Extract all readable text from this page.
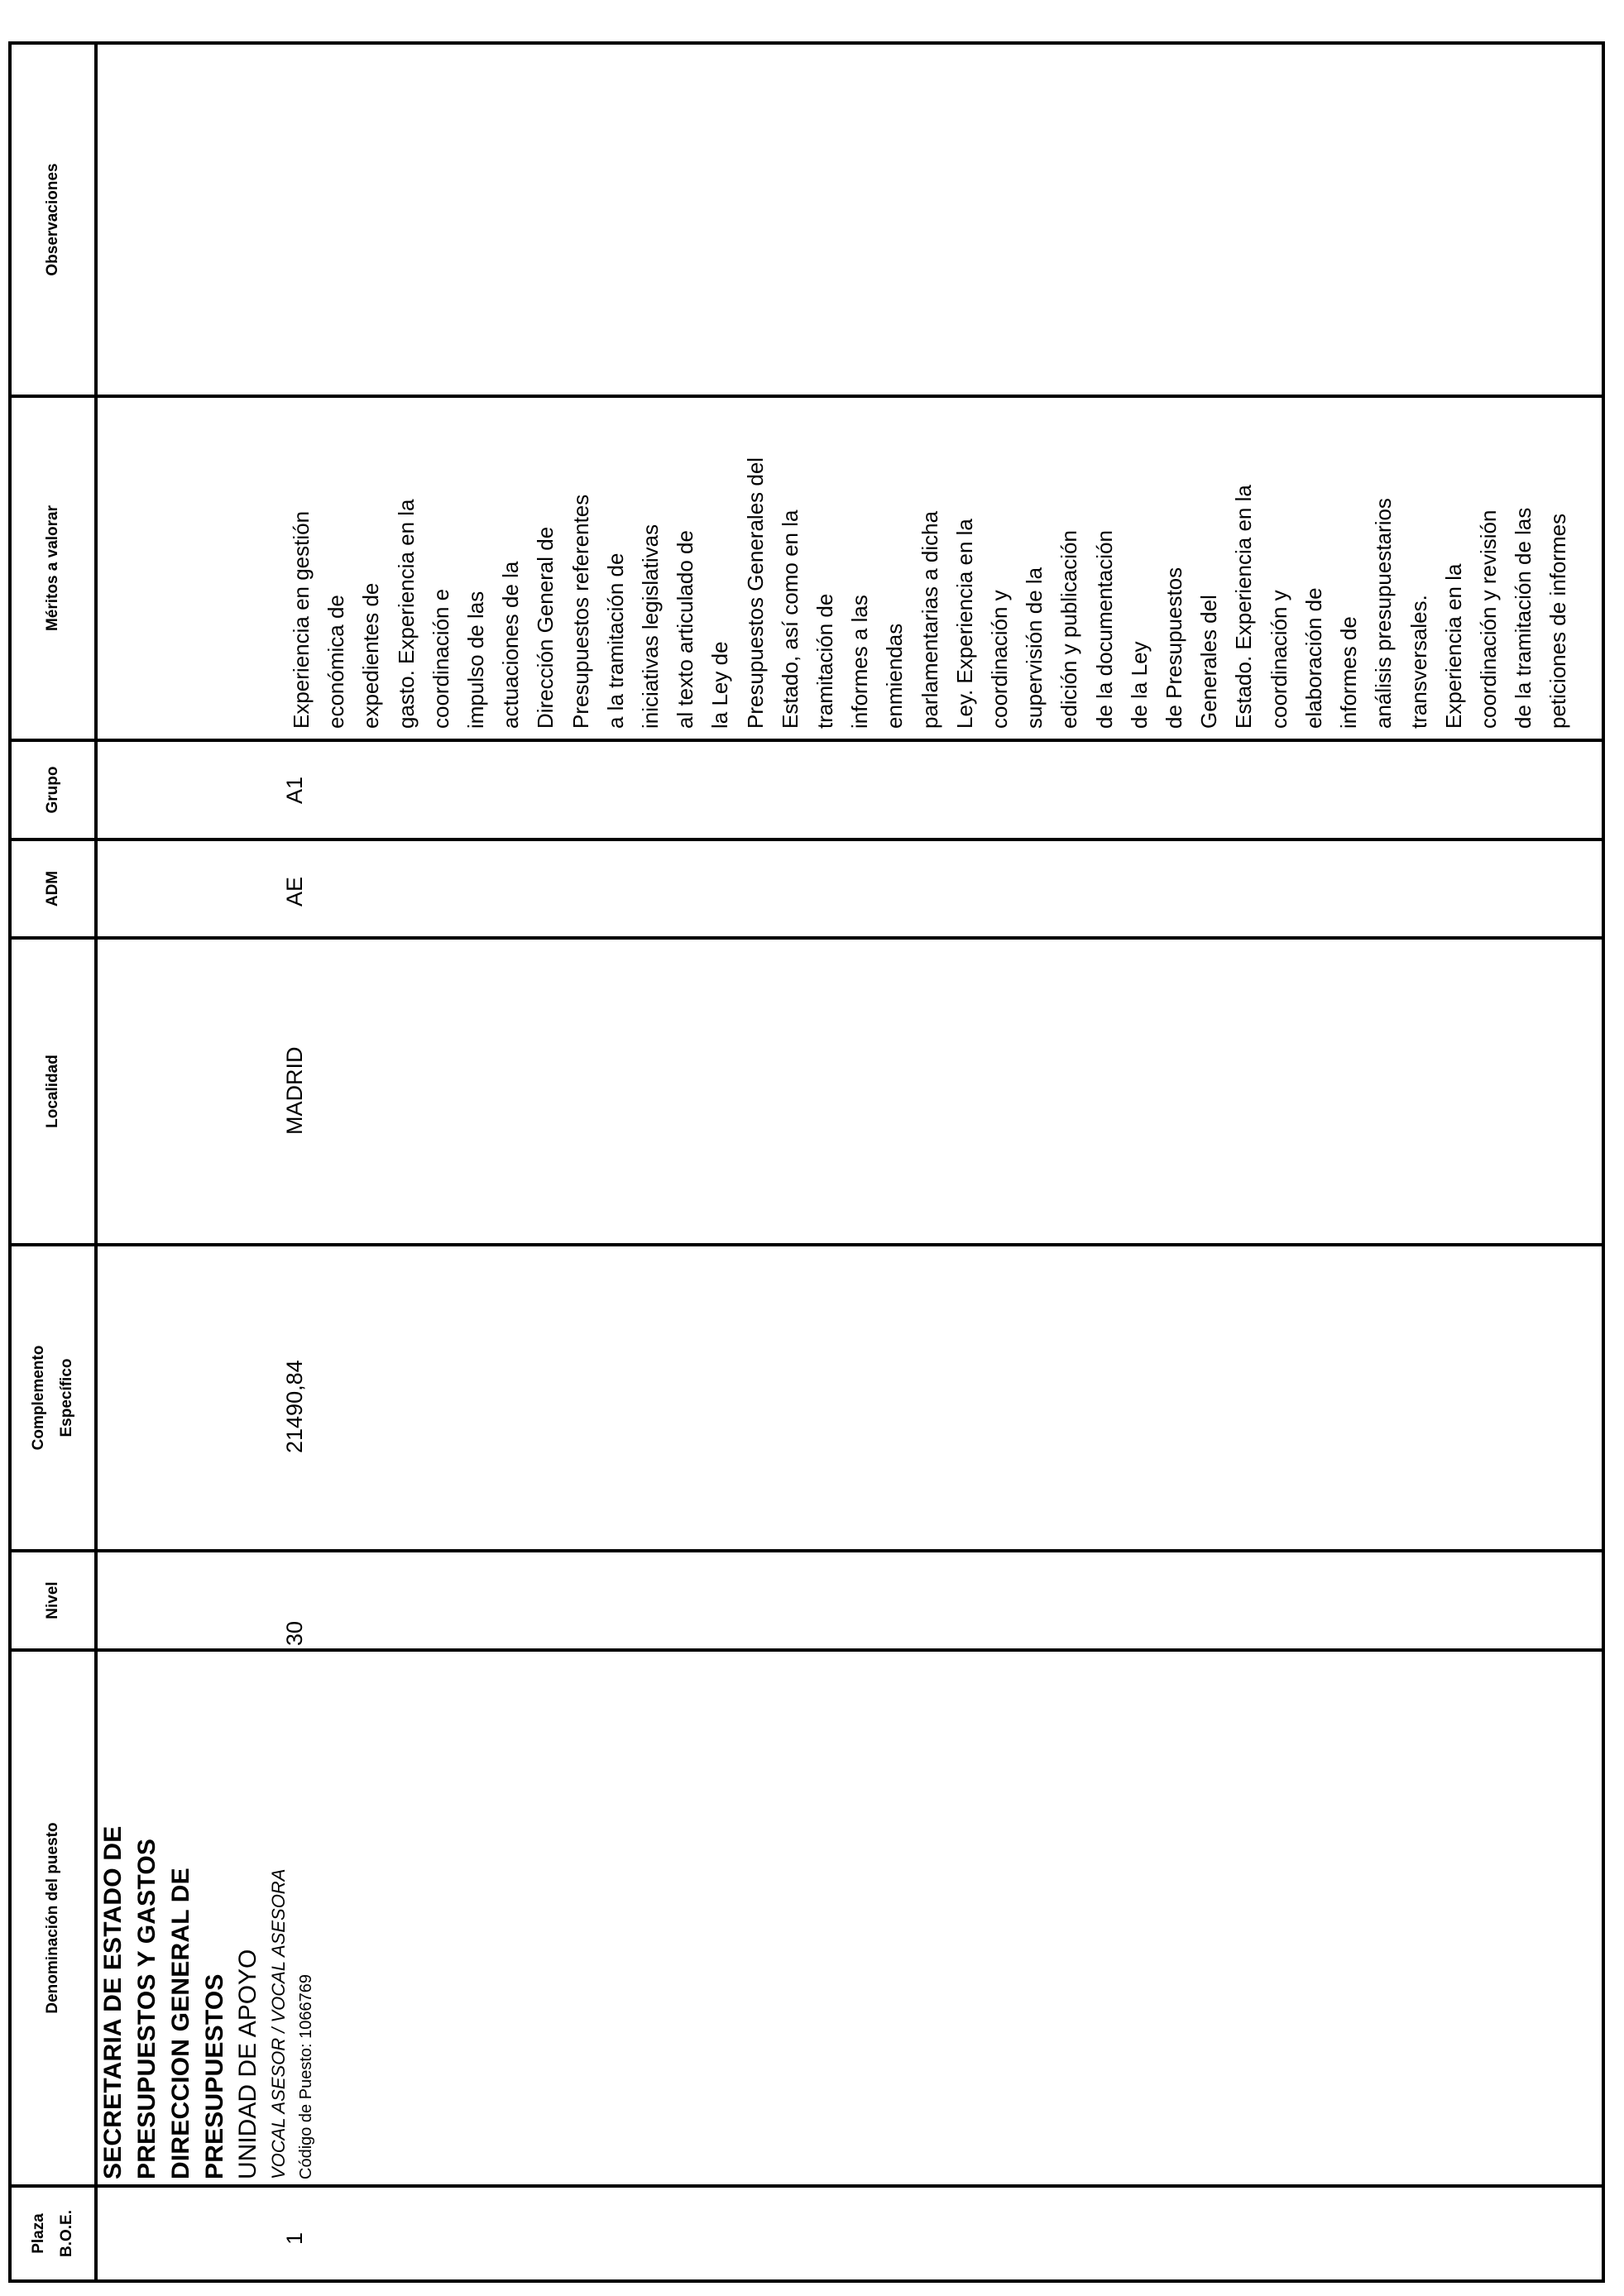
Plaza B.O.E.
Denominación del puesto
Nivel
Complemento Específico
Localidad
ADM
Grupo
Méritos a valorar
Observaciones
1
SECRETARIA DE ESTADO DE PRESUPUESTOS Y GASTOS DIRECCION GENERAL DE PRESUPUESTOS UNIDAD DE APOYO VOCAL ASESOR / VOCAL ASESORA Código de Puesto: 1066769
30
21490,84
MADRID
AE
A1
Experiencia en gestión
económica de
expedientes de
gasto. Experiencia en la
coordinación e
impulso de las
actuaciones de la
Dirección General de
Presupuestos referentes
a la tramitación de
iniciativas legislativas
al texto articulado de
la Ley de
Presupuestos Generales del
Estado, así como en la
tramitación de
informes a las
enmiendas
parlamentarias a dicha
Ley. Experiencia en la
coordinación y
supervisión de la
edición y publicación
de la documentación
de la Ley
de Presupuestos
Generales del
Estado. Experiencia en la
coordinación y
elaboración de
informes de
análisis presupuestarios
transversales.
Experiencia en la
coordinación y revisión
de la tramitación de las
peticiones de informes
